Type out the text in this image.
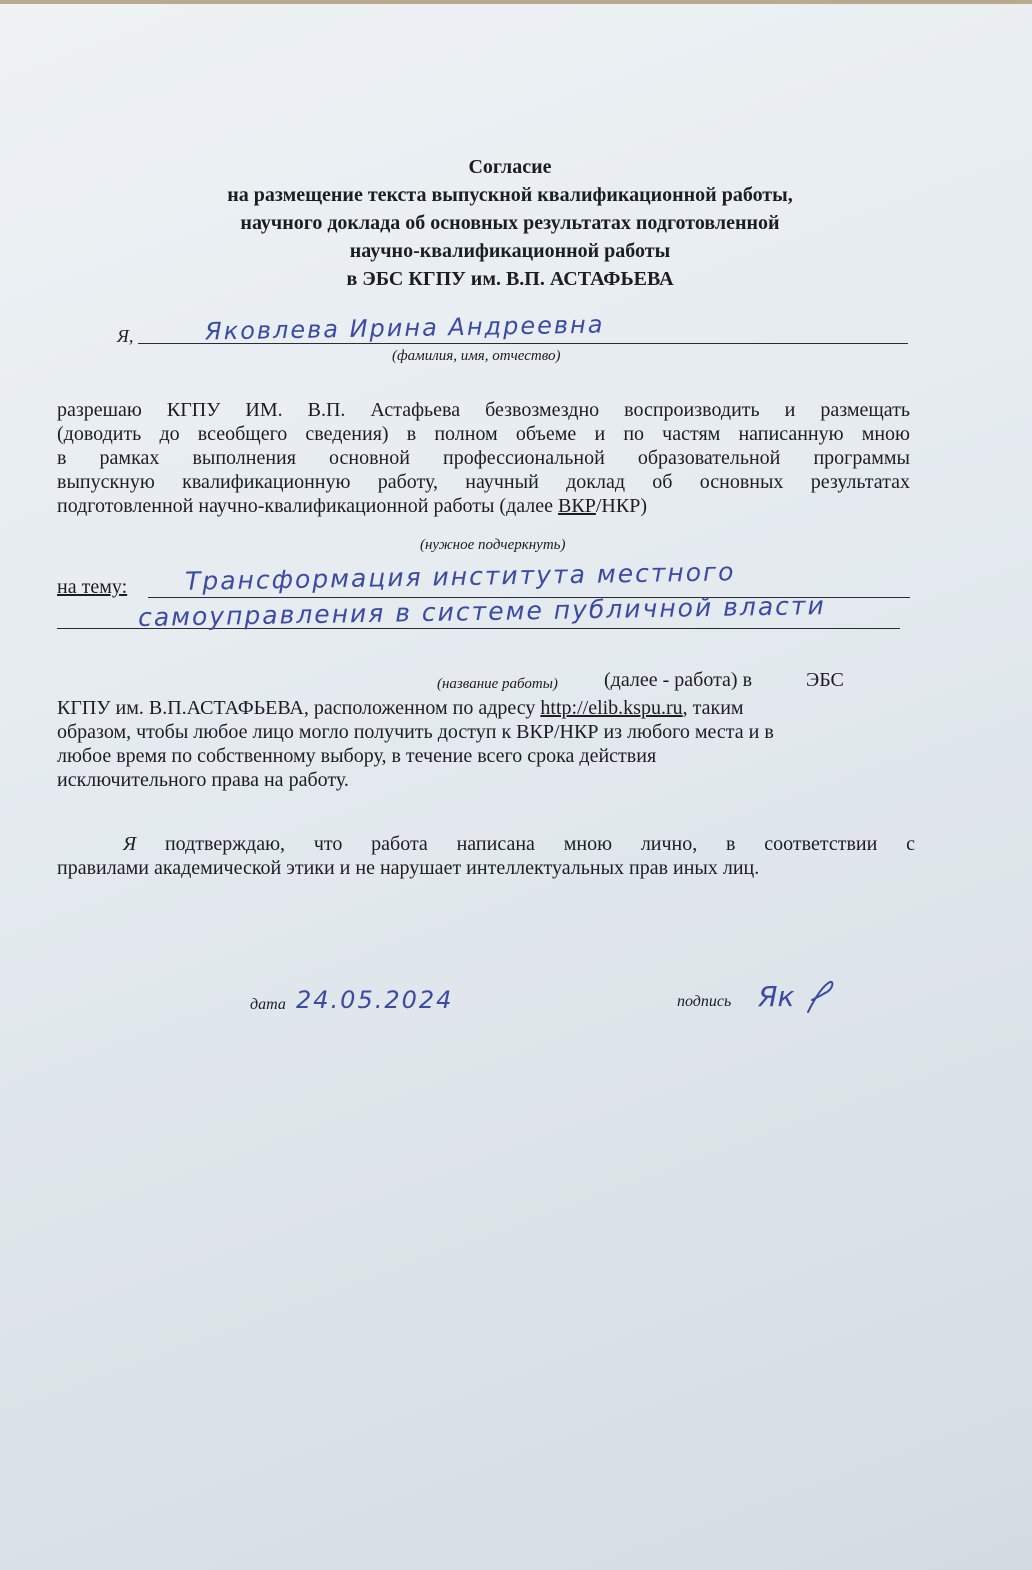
Согласие
на размещение текста выпускной квалификационной работы,
научного доклада об основных результатах подготовленной
научно-квалификационной работы
в ЭБС КГПУ им. В.П. АСТАФЬЕВА
Я,	Яковлева Ирина Андреевна
(фамилия, имя, отчество)
разрешаю КГПУ ИМ. В.П. Астафьева безвозмездно воспроизводить и размещать
(доводить до всеобщего сведения) в полном объеме и по частям написанную мною
в рамках выполнения основной профессиональной образовательной программы
выпускную квалификационную работу, научный доклад об основных результатах
подготовленной научно-квалификационной работы (далее ВКР/НКР)
(нужное подчеркнуть)
на тему: Трансформация института местного
самоуправления в системе публичной власти
(название работы) (далее - работа) в	ЭБС
КГПУ им. В.П.АСТАФЬЕВА, расположенном по адресу http://elib.kspu.ru, таким
образом, чтобы любое лицо могло получить доступ к ВКР/НКР из любого места и в
любое время по собственному выбору, в течение всего срока действия
исключительного права на работу.
Я подтверждаю, что работа написана мною лично, в соответствии с
правилами академической этики и не нарушает интеллектуальных прав иных лиц.
дата 24.05.2024	подпись Як
